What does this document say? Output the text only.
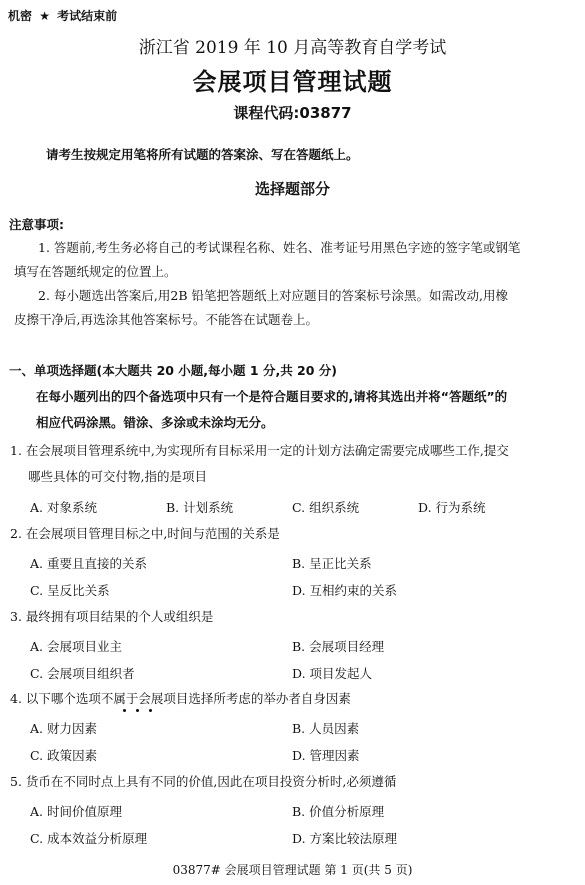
机密 ★ 考试结束前
浙江省 2019 年 10 月高等教育自学考试
会展项目管理试题
课程代码:03877
请考生按规定用笔将所有试题的答案涂、写在答题纸上。
选择题部分
注意事项:
1. 答题前,考生务必将自己的考试课程名称、姓名、准考证号用黑色字迹的签字笔或钢笔
填写在答题纸规定的位置上。
2. 每小题选出答案后,用2B 铅笔把答题纸上对应题目的答案标号涂黑。如需改动,用橡
皮擦干净后,再选涂其他答案标号。不能答在试题卷上。
一、单项选择题(本大题共 20 小题,每小题 1 分,共 20 分)
在每小题列出的四个备选项中只有一个是符合题目要求的,请将其选出并将“答题纸”的
相应代码涂黑。错涂、多涂或未涂均无分。
1. 在会展项目管理系统中,为实现所有目标采用一定的计划方法确定需要完成哪些工作,提交
哪些具体的可交付物,指的是项目
A. 对象系统	B. 计划系统	C. 组织系统	D. 行为系统
2. 在会展项目管理目标之中,时间与范围的关系是
A. 重要且直接的关系	B. 呈正比关系
C. 呈反比关系	D. 互相约束的关系
3. 最终拥有项目结果的个人或组织是
A. 会展项目业主	B. 会展项目经理
C. 会展项目组织者	D. 项目发起人
4. 以下哪个选项不属于会展项目选择所考虑的举办者自身因素
A. 财力因素	B. 人员因素
C. 政策因素	D. 管理因素
5. 货币在不同时点上具有不同的价值,因此在项目投资分析时,必须遵循
A. 时间价值原理	B. 价值分析原理
C. 成本效益分析原理	D. 方案比较法原理
03877# 会展项目管理试题 第 1 页(共 5 页)
